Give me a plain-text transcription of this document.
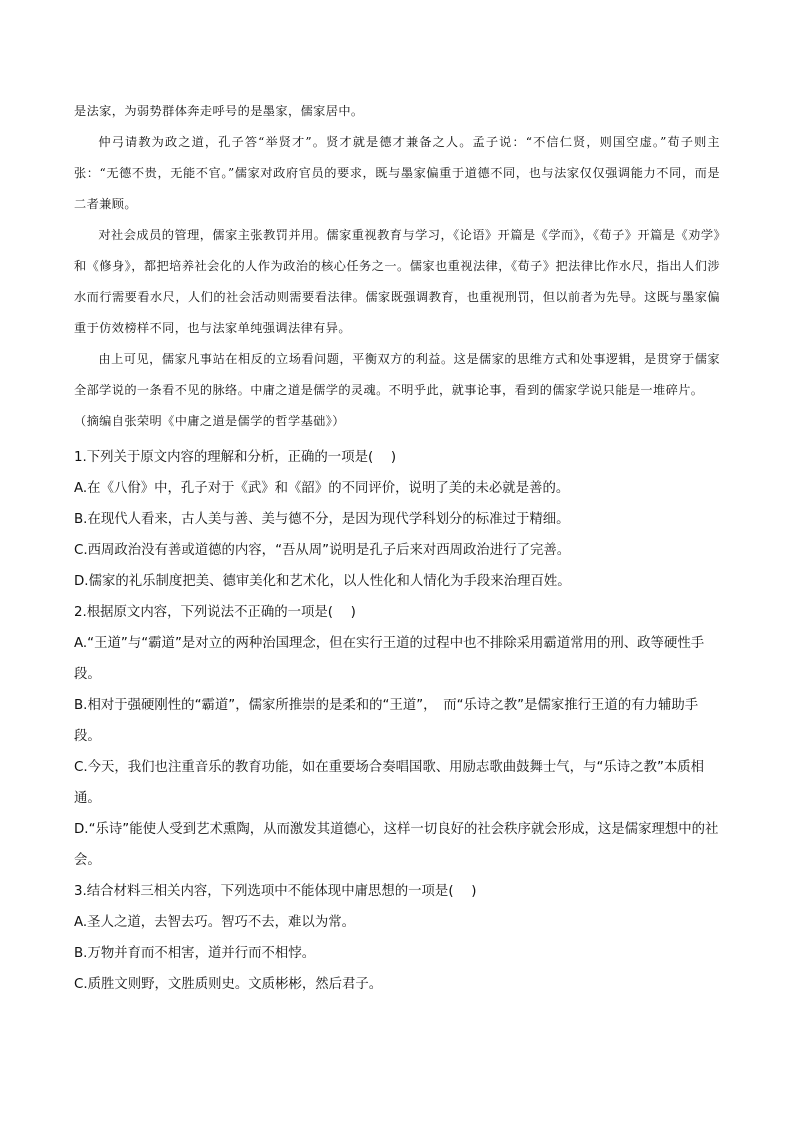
是法家，为弱势群体奔走呼号的是墨家，儒家居中。

仲弓请教为政之道，孔子答“举贤才”。贤才就是德才兼备之人。孟子说：“不信仁贤，则国空虚。”荀子则主张：“无德不贵，无能不官。”儒家对政府官员的要求，既与墨家偏重于道德不同，也与法家仅仅强调能力不同，而是二者兼顾。

对社会成员的管理，儒家主张教罚并用。儒家重视教育与学习，《论语》开篇是《学而》，《荀子》开篇是《劝学》和《修身》，都把培养社会化的人作为政治的核心任务之一。儒家也重视法律，《荀子》把法律比作水尺，指出人们涉水而行需要看水尺，人们的社会活动则需要看法律。儒家既强调教育，也重视刑罚，但以前者为先导。这既与墨家偏重于仿效榜样不同，也与法家单纯强调法律有异。

由上可见，儒家凡事站在相反的立场看问题，平衡双方的利益。这是儒家的思维方式和处事逻辑，是贯穿于儒家全部学说的一条看不见的脉络。中庸之道是儒学的灵魂。不明乎此，就事论事，看到的儒家学说只能是一堆碎片。

（摘编自张荣明《中庸之道是儒学的哲学基础》）

1.下列关于原文内容的理解和分析，正确的一项是(　 )

A.在《八佾》中，孔子对于《武》和《韶》的不同评价，说明了美的未必就是善的。

B.在现代人看来，古人美与善、美与德不分，是因为现代学科划分的标准过于精细。

C.西周政治没有善或道德的内容，“吾从周”说明是孔子后来对西周政治进行了完善。

D.儒家的礼乐制度把美、德审美化和艺术化，以人性化和人情化为手段来治理百姓。

2.根据原文内容，下列说法不正确的一项是(　 )

A.“王道”与“霸道”是对立的两种治国理念，但在实行王道的过程中也不排除采用霸道常用的刑、政等硬性手段。

B.相对于强硬刚性的“霸道”，儒家所推崇的是柔和的“王道”，　而“乐诗之教”是儒家推行王道的有力辅助手段。

C.今天，我们也注重音乐的教育功能，如在重要场合奏唱国歌、用励志歌曲鼓舞士气，与“乐诗之教”本质相通。

D.“乐诗”能使人受到艺术熏陶，从而激发其道德心，这样一切良好的社会秩序就会形成，这是儒家理想中的社会。

3.结合材料三相关内容，下列选项中不能体现中庸思想的一项是(　 )

A.圣人之道，去智去巧。智巧不去，难以为常。

B.万物并育而不相害，道并行而不相悖。

C.质胜文则野，文胜质则史。文质彬彬，然后君子。
